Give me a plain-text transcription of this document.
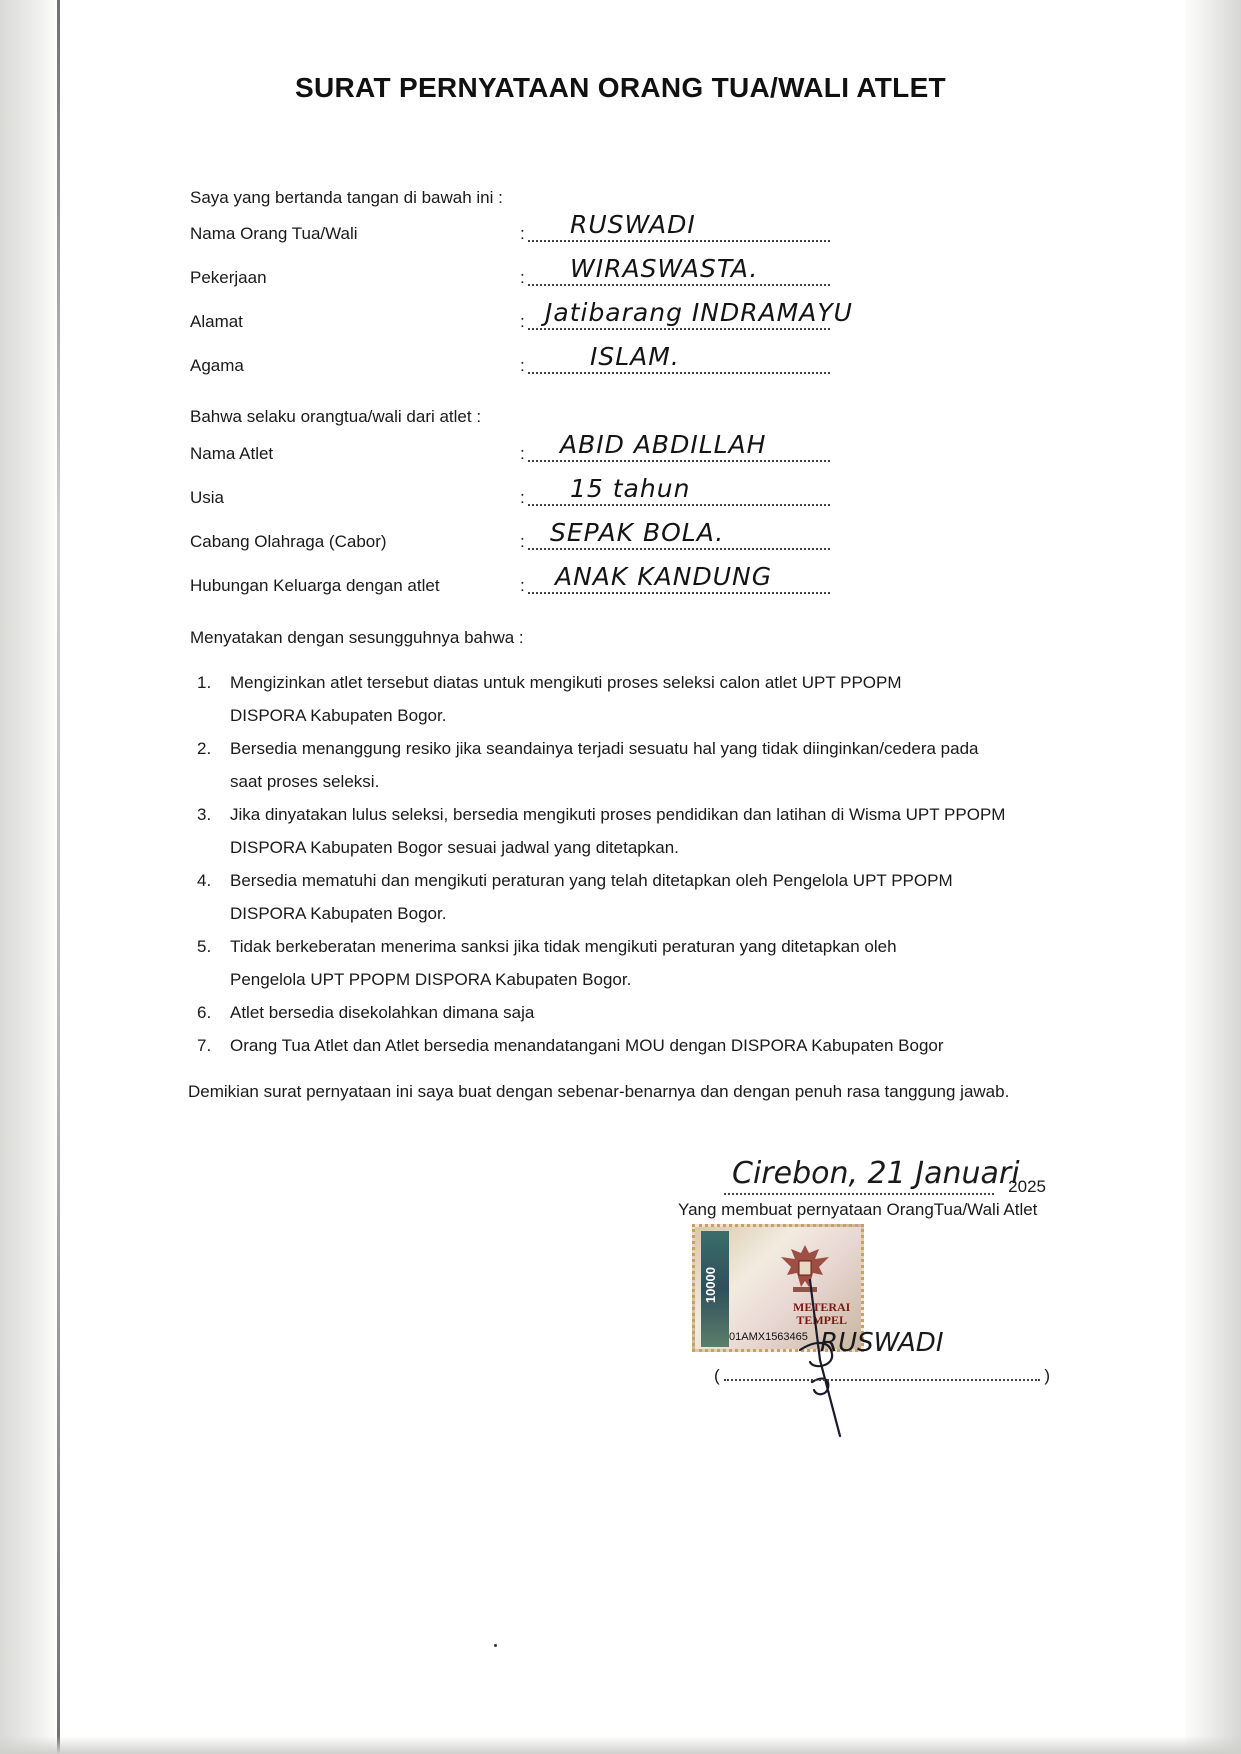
SURAT PERNYATAAN ORANG TUA/WALI ATLET
Saya yang bertanda tangan di bawah ini :
Nama Orang Tua/Wali	: RUSWADI
Pekerjaan	: WIRASWASTA.
Alamat	: Jatibarang INDRAMAYU
Agama	:	ISLAM.
Bahwa selaku orangtua/wali dari atlet :
Nama Atlet	: ABID ABDILLAH
Usia	: 15 tahun
Cabang Olahraga (Cabor)	: SEPAK BOLA.
Hubungan Keluarga dengan atlet	: ANAK KANDUNG
Menyatakan dengan sesungguhnya bahwa :
1. Mengizinkan atlet tersebut diatas untuk mengikuti proses seleksi calon atlet UPT PPOPM
DISPORA Kabupaten Bogor.
2. Bersedia menanggung resiko jika seandainya terjadi sesuatu hal yang tidak diinginkan/cedera pada
saat proses seleksi.
3. Jika dinyatakan lulus seleksi, bersedia mengikuti proses pendidikan dan latihan di Wisma UPT PPOPM
DISPORA Kabupaten Bogor sesuai jadwal yang ditetapkan.
4. Bersedia mematuhi dan mengikuti peraturan yang telah ditetapkan oleh Pengelola UPT PPOPM
DISPORA Kabupaten Bogor.
5. Tidak berkeberatan menerima sanksi jika tidak mengikuti peraturan yang ditetapkan oleh
Pengelola UPT PPOPM DISPORA Kabupaten Bogor.
6. Atlet bersedia disekolahkan dimana saja
7. Orang Tua Atlet dan Atlet bersedia menandatangani MOU dengan DISPORA Kabupaten Bogor
Demikian surat pernyataan ini saya buat dengan sebenar-benarnya dan dengan penuh rasa tanggung jawab.
Cirebon, 21 Januari
2025
Yang membuat pernyataan OrangTua/Wali Atlet
10000
METERAI
TEMPEL
01AMX1563465 RUSWADI
(	)
